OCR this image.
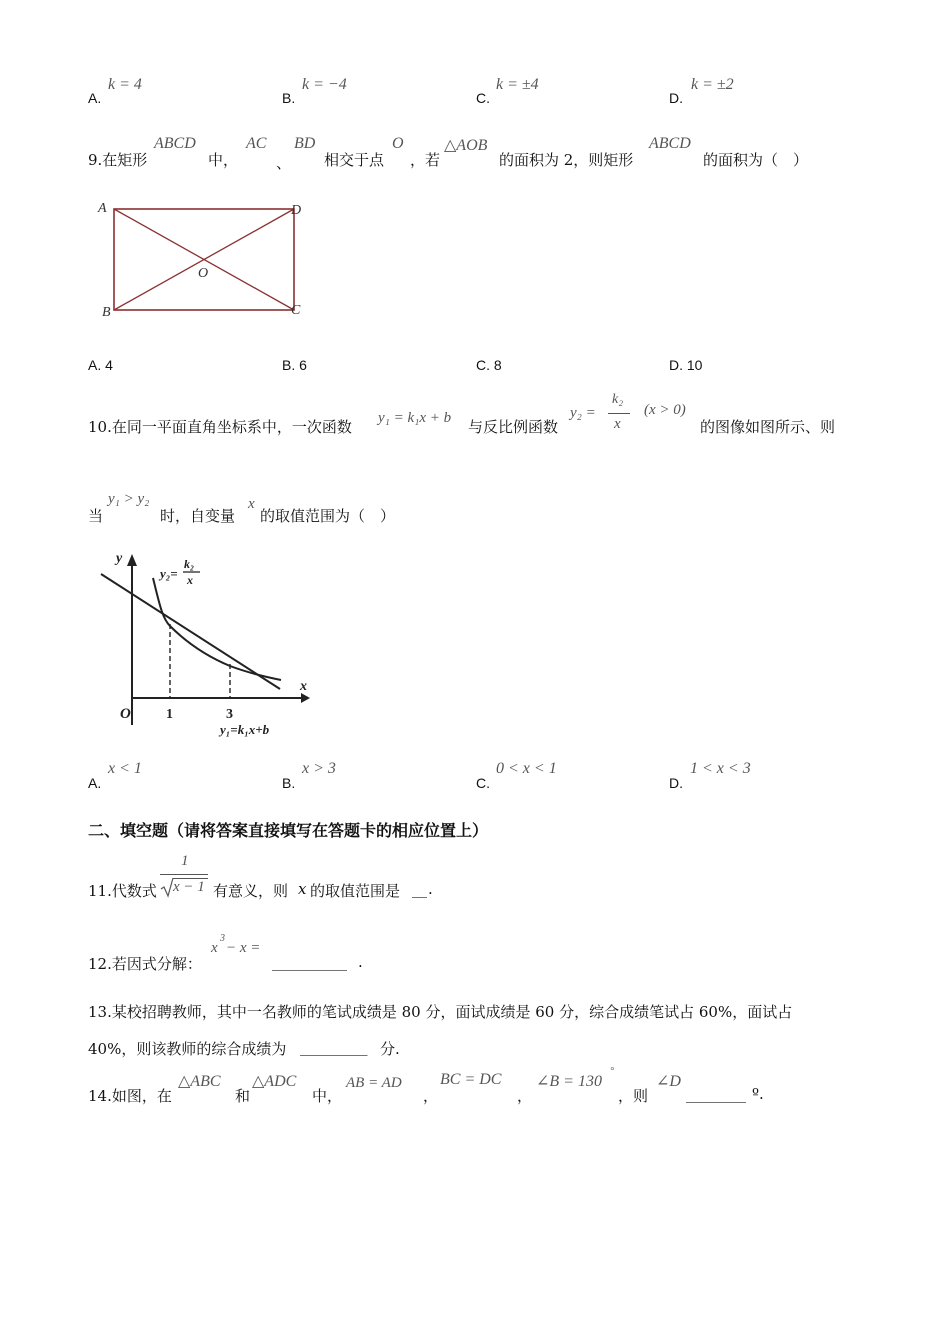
A.
k = 4
B.
k = −4
C.
k = ±4
D.
k = ±2
9.在矩形
ABCD
中，
AC
、
BD
相交于点
O
，若
△AOB
的面积为 2，则矩形
ABCD
的面积为（　）
A	D
B	C
O
A. 4	B. 6	C. 8	D. 10
10.在同一平面直角坐标系中，一次函数 y₁ = k₁x + b 与反比例函数
y₂ =
k₂
x
(x > 0)
的图像如图所示、则
当
y₁ > y₂
时，自变量
x
的取值范围为（　）
y
x
O	1	3
y₂=
k₂
x
y₁=k₁x+b
A.
x < 1
B.
x > 3
C.
0 < x < 1
D.
1 < x < 3
二、填空题（请将答案直接填写在答题卡的相应位置上）
11.代数式
1
x − 1 有意义，则 x 的取值范围是 __ .
12.若因式分解：
x
3
− x =
__________ .
13.某校招聘教师，其中一名教师的笔试成绩是 80 分，面试成绩是 60 分，综合成绩笔试占 60%，面试占
40%，则该教师的综合成绩为 _________ 分.
14.如图，在
△ABC
和
△ADC
中，
AB = AD
，
BC = DC
，
∠B = 130
°
，则
∠D
________ º.
